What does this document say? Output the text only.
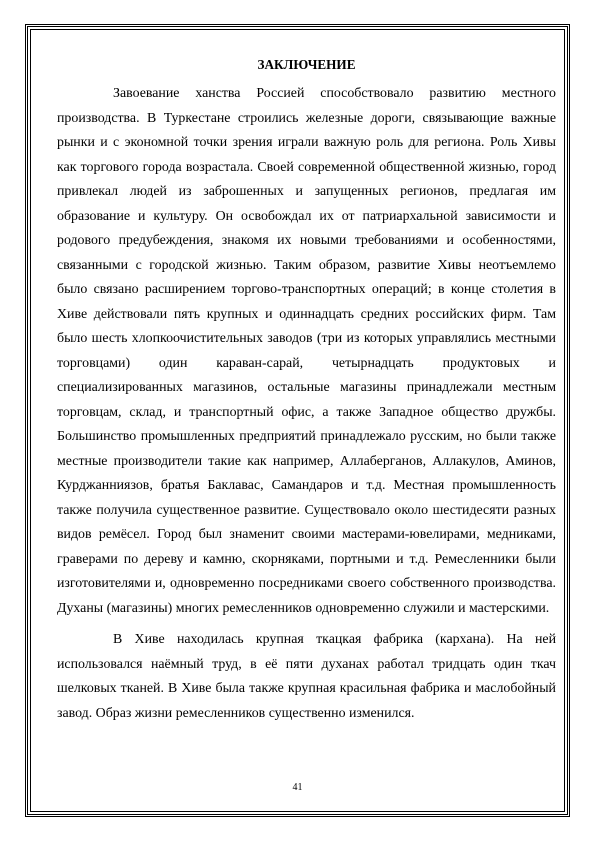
ЗАКЛЮЧЕНИЕ

Завоевание ханства Россией способствовало развитию местного производства. В Туркестане строились железные дороги, связывающие важные рынки и с экономной точки зрения играли важную роль для региона. Роль Хивы как торгового города возрастала. Своей современной общественной жизнью, город привлекал людей из заброшенных и запущенных регионов, предлагая им образование и культуру. Он освобождал их от патриархальной зависимости и родового предубеждения, знакомя их новыми требованиями и особенностями, связанными с городской жизнью. Таким образом, развитие Хивы неотъемлемо было связано расширением торгово-транспортных операций; в конце столетия в Хиве действовали пять крупных и одиннадцать средних российских фирм. Там было шесть хлопкоочистительных заводов (три из которых управлялись местными торговцами) один караван-сарай, четырнадцать продуктовых и специализированных магазинов, остальные магазины принадлежали местным торговцам, склад, и транспортный офис, а также Западное общество дружбы. Большинство промышленных предприятий принадлежало русским, но были также местные производители такие как например, Аллаберганов, Аллакулов, Аминов, Курджанниязов, братья Баклавас, Самандаров и т.д. Местная промышленность также получила существенное развитие. Существовало около шестидесяти разных видов ремёсел. Город был знаменит своими мастерами-ювелирами, медниками, граверами по дереву и камню, скорняками, портными и т.д. Ремесленники были изготовителями и, одновременно посредниками своего собственного производства. Духаны (магазины) многих ремесленников одновременно служили и мастерскими.

В Хиве находилась крупная ткацкая фабрика (кархана). На ней использовался наёмный труд, в её пяти духанах работал тридцать один ткач шелковых тканей. В Хиве была также крупная красильная фабрика и маслобойный завод. Образ жизни ремесленников существенно изменился.

41
